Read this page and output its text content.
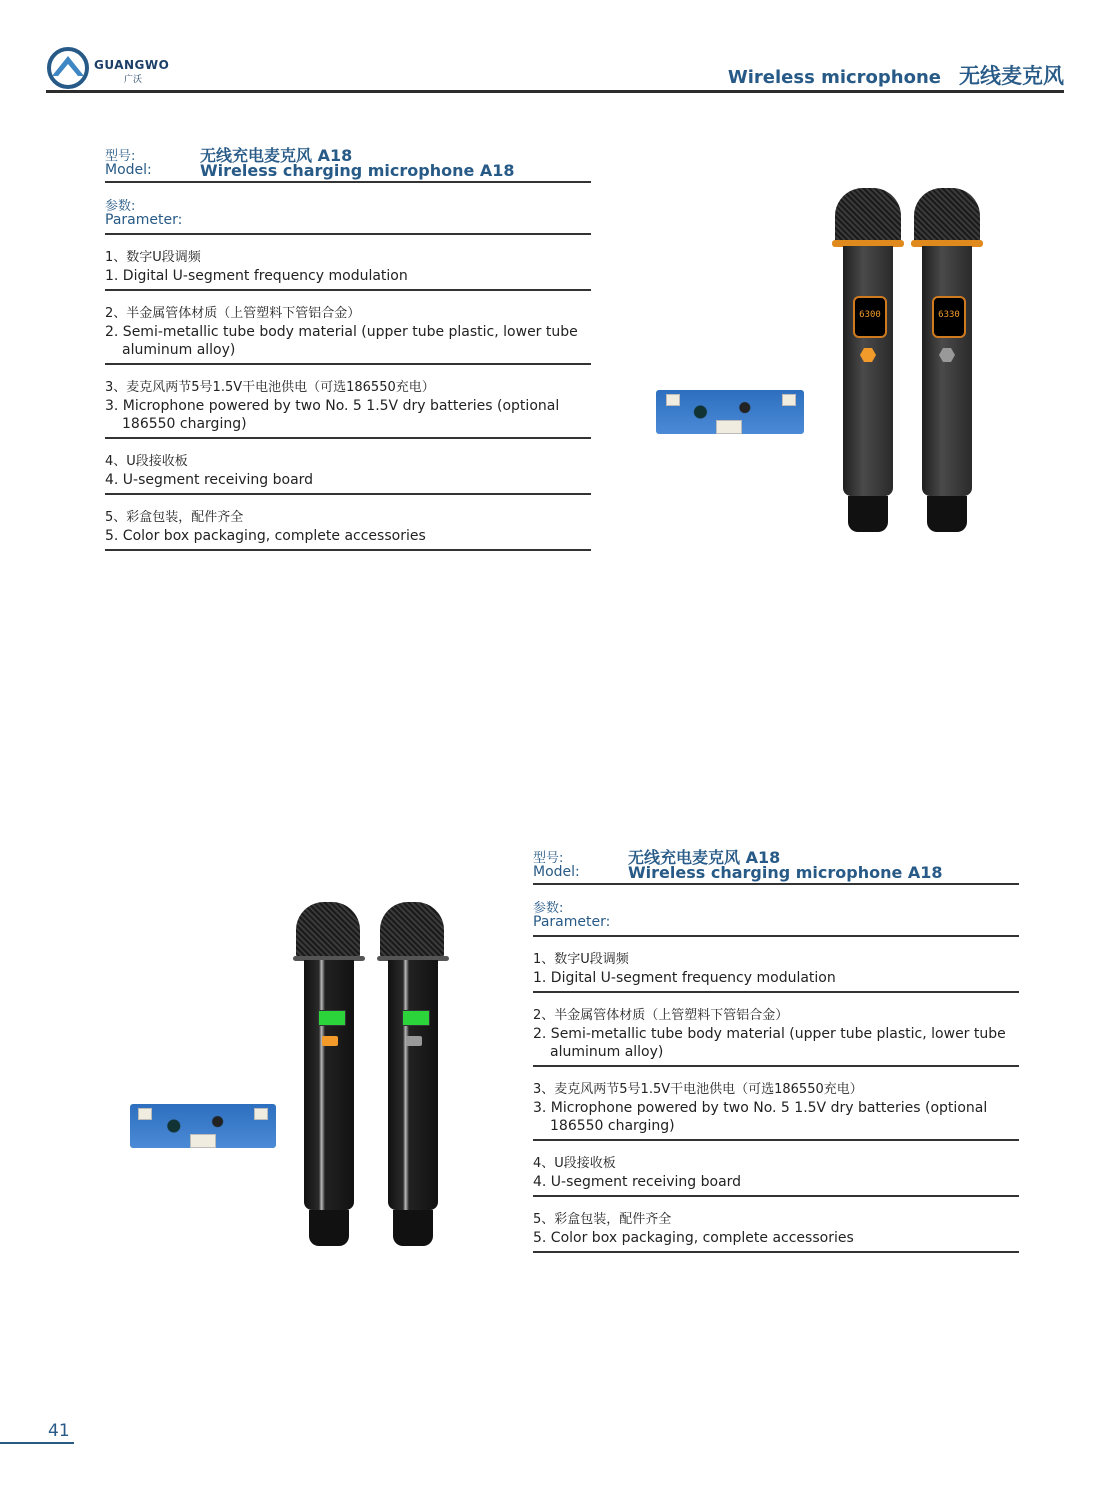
GUANGWO
广沃	Wireless microphone 无线麦克风
型号:
Model:
无线充电麦克风 A18
Wireless charging microphone A18
参数:
Parameter:
1、数字U段调频
1. Digital U-segment frequency modulation
2、半金属管体材质（上管塑料下管铝合金）
2. Semi-metallic tube body material (upper tube plastic, lower tube aluminum alloy)
3、麦克风两节5号1.5V干电池供电（可选186550充电）
3. Microphone powered by two No. 5 1.5V dry batteries (optional 186550 charging)
4、U段接收板
4. U-segment receiving board
5、彩盒包装，配件齐全
5. Color box packaging, complete accessories
6300	6330
型号:
Model:
无线充电麦克风 A18
Wireless charging microphone A18
参数:
Parameter:
1、数字U段调频
1. Digital U-segment frequency modulation
2、半金属管体材质（上管塑料下管铝合金）
2. Semi-metallic tube body material (upper tube plastic, lower tube aluminum alloy)
3、麦克风两节5号1.5V干电池供电（可选186550充电）
3. Microphone powered by two No. 5 1.5V dry batteries (optional 186550 charging)
4、U段接收板
4. U-segment receiving board
5、彩盒包装，配件齐全
5. Color box packaging, complete accessories
41
